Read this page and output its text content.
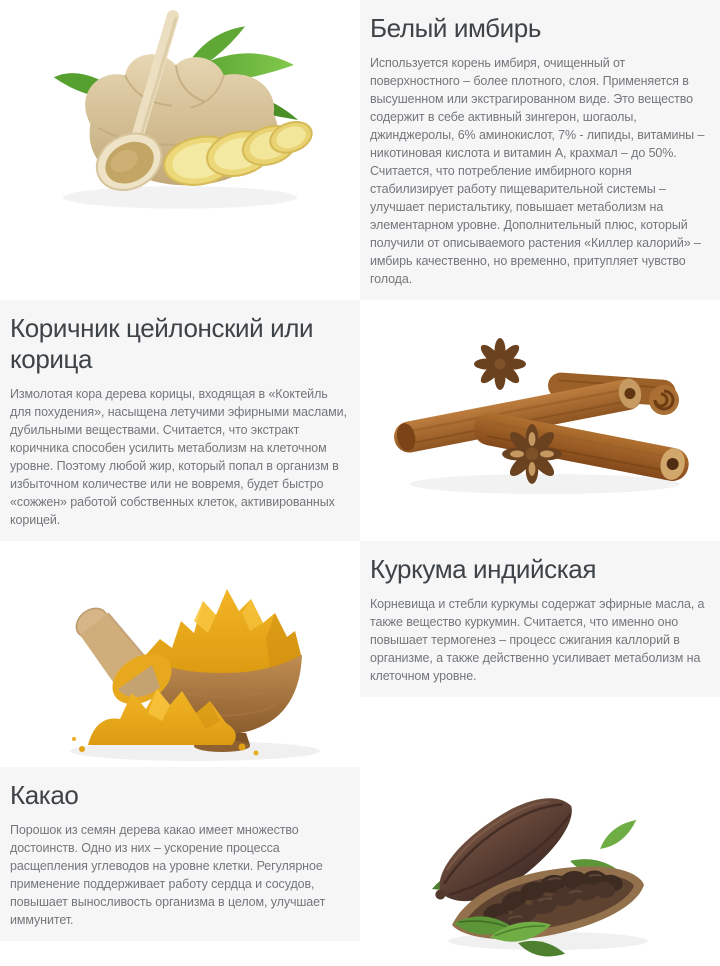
Белый имбирь

Используется корень имбиря, очищенный от поверхностного – более плотного, слоя. Применяется в высушенном или экстрагированном виде. Это вещество содержит в себе активный зингерон, шогаолы, джинджеролы, 6% аминокислот, 7% - липиды, витамины – никотиновая кислота и витамин А, крахмал – до 50%. Считается, что потребление имбирного корня стабилизирует работу пищеварительной системы – улучшает перистальтику, повышает метаболизм на элементарном уровне. Дополнительный плюс, который получили от описываемого растения «Киллер калорий» – имбирь качественно, но временно, притупляет чувство голода.

Коричник цейлонский или корица

Измолотая кора дерева корицы, входящая в «Коктейль для похудения», насыщена летучими эфирными маслами, дубильными веществами. Считается, что экстракт коричника способен усилить метаболизм на клеточном уровне. Поэтому любой жир, который попал в организм в избыточном количестве или не вовремя, будет быстро «сожжен» работой собственных клеток, активированных корицей.

Куркума индийская

Корневища и стебли куркумы содержат эфирные масла, а также вещество куркумин. Считается, что именно оно повышает термогенез – процесс сжигания каллорий в организме, а также действенно усиливает метаболизм на клеточном уровне.

Какао

Порошок из семян дерева какао имеет множество достоинств. Одно из них – ускорение процесса расщепления углеводов на уровне клетки. Регулярное применение поддерживает работу сердца и сосудов, повышает выносливость организма в целом, улучшает иммунитет.
